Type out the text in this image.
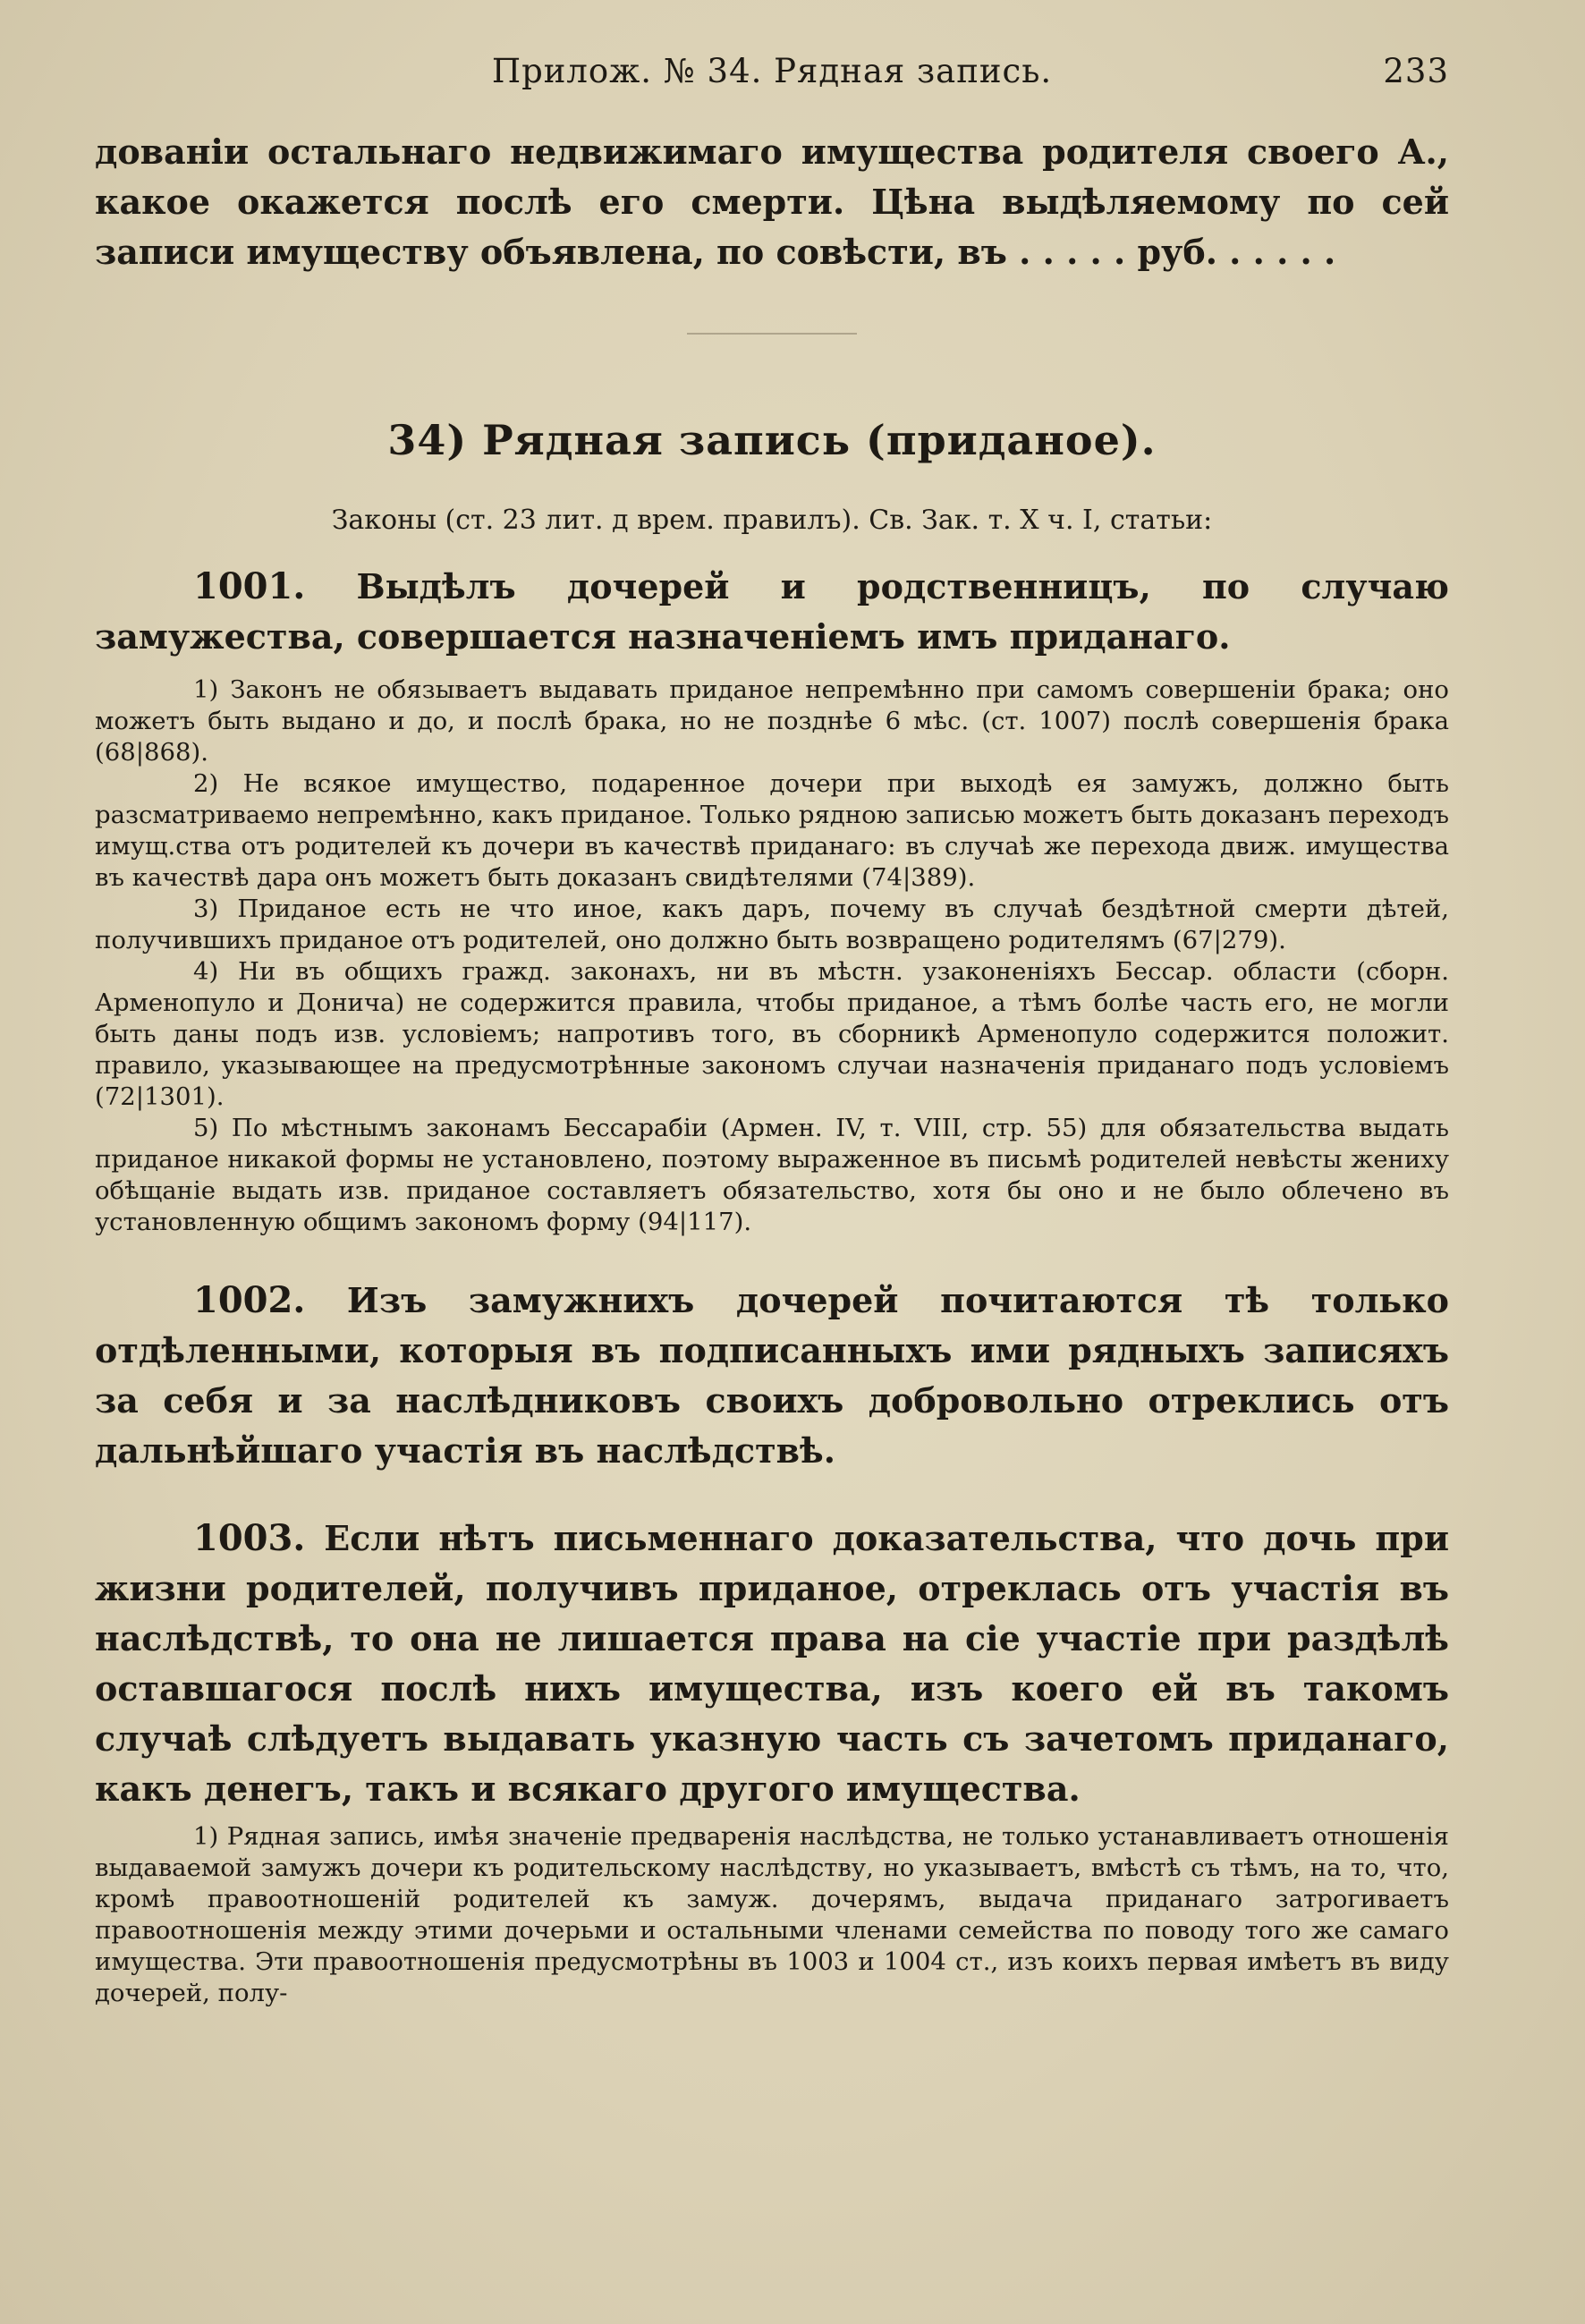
Прилож. № 34. Рядная запись.	233

дованіи остальнаго недвижимаго имущества родителя своего А., какое окажется послѣ его смерти. Цѣна выдѣляемому по сей записи имуществу объявлена, по совѣсти, въ . . . . . руб. . . . . .

34) Рядная запись (приданое).

Законы (ст. 23 лит. д врем. правилъ). Св. Зак. т. X ч. I, статьи:

1001. Выдѣлъ дочерей и родственницъ, по случаю замужества, совершается назначеніемъ имъ приданаго.

1) Законъ не обязываетъ выдавать приданое непремѣнно при самомъ совершеніи брака; оно можетъ быть выдано и до, и послѣ брака, но не позднѣе 6 мѣс. (ст. 1007) послѣ совершенія брака (68|868).

2) Не всякое имущество, подаренное дочери при выходѣ ея замужъ, должно быть разсматриваемо непремѣнно, какъ приданое. Только рядною записью можетъ быть доказанъ переходъ имущ.ства отъ родителей къ дочери въ качествѣ приданаго: въ случаѣ же перехода движ. имущества въ качествѣ дара онъ можетъ быть доказанъ свидѣтелями (74|389).

3) Приданое есть не что иное, какъ даръ, почему въ случаѣ бездѣтной смерти дѣтей, получившихъ приданое отъ родителей, оно должно быть возвращено родителямъ (67|279).

4) Ни въ общихъ гражд. законахъ, ни въ мѣстн. узаконеніяхъ Бессар. области (сборн. Арменопуло и Донича) не содержится правила, чтобы приданое, а тѣмъ болѣе часть его, не могли быть даны подъ изв. условіемъ; напротивъ того, въ сборникѣ Арменопуло содержится положит. правило, указывающее на предусмотрѣнные закономъ случаи назначенія приданаго подъ условіемъ (72|1301).

5) По мѣстнымъ законамъ Бессарабіи (Армен. IV, т. VIII, стр. 55) для обязательства выдать приданое никакой формы не установлено, поэтому выраженное въ письмѣ родителей невѣсты жениху обѣщаніе выдать изв. приданое составляетъ обязательство, хотя бы оно и не было облечено въ установленную общимъ закономъ форму (94|117).

1002. Изъ замужнихъ дочерей почитаются тѣ только отдѣленными, которыя въ подписанныхъ ими рядныхъ записяхъ за себя и за наслѣдниковъ своихъ добровольно отреклись отъ дальнѣйшаго участія въ наслѣдствѣ.

1003. Если нѣтъ письменнаго доказательства, что дочь при жизни родителей, получивъ приданое, отреклась отъ участія въ наслѣдствѣ, то она не лишается права на сіе участіе при раздѣлѣ оставшагося послѣ нихъ имущества, изъ коего ей въ такомъ случаѣ слѣдуетъ выдавать указную часть съ зачетомъ приданаго, какъ денегъ, такъ и всякаго другого имущества.

1) Рядная запись, имѣя значеніе предваренія наслѣдства, не только устанавливаетъ отношенія выдаваемой замужъ дочери къ родительскому наслѣдству, но указываетъ, вмѣстѣ съ тѣмъ, на то, что, кромѣ правоотношеній родителей къ замуж. дочерямъ, выдача приданаго затрогиваетъ правоотношенія между этими дочерьми и остальными членами семейства по поводу того же самаго имущества. Эти правоотношенія предусмотрѣны въ 1003 и 1004 ст., изъ коихъ первая имѣетъ въ виду дочерей, полу-
